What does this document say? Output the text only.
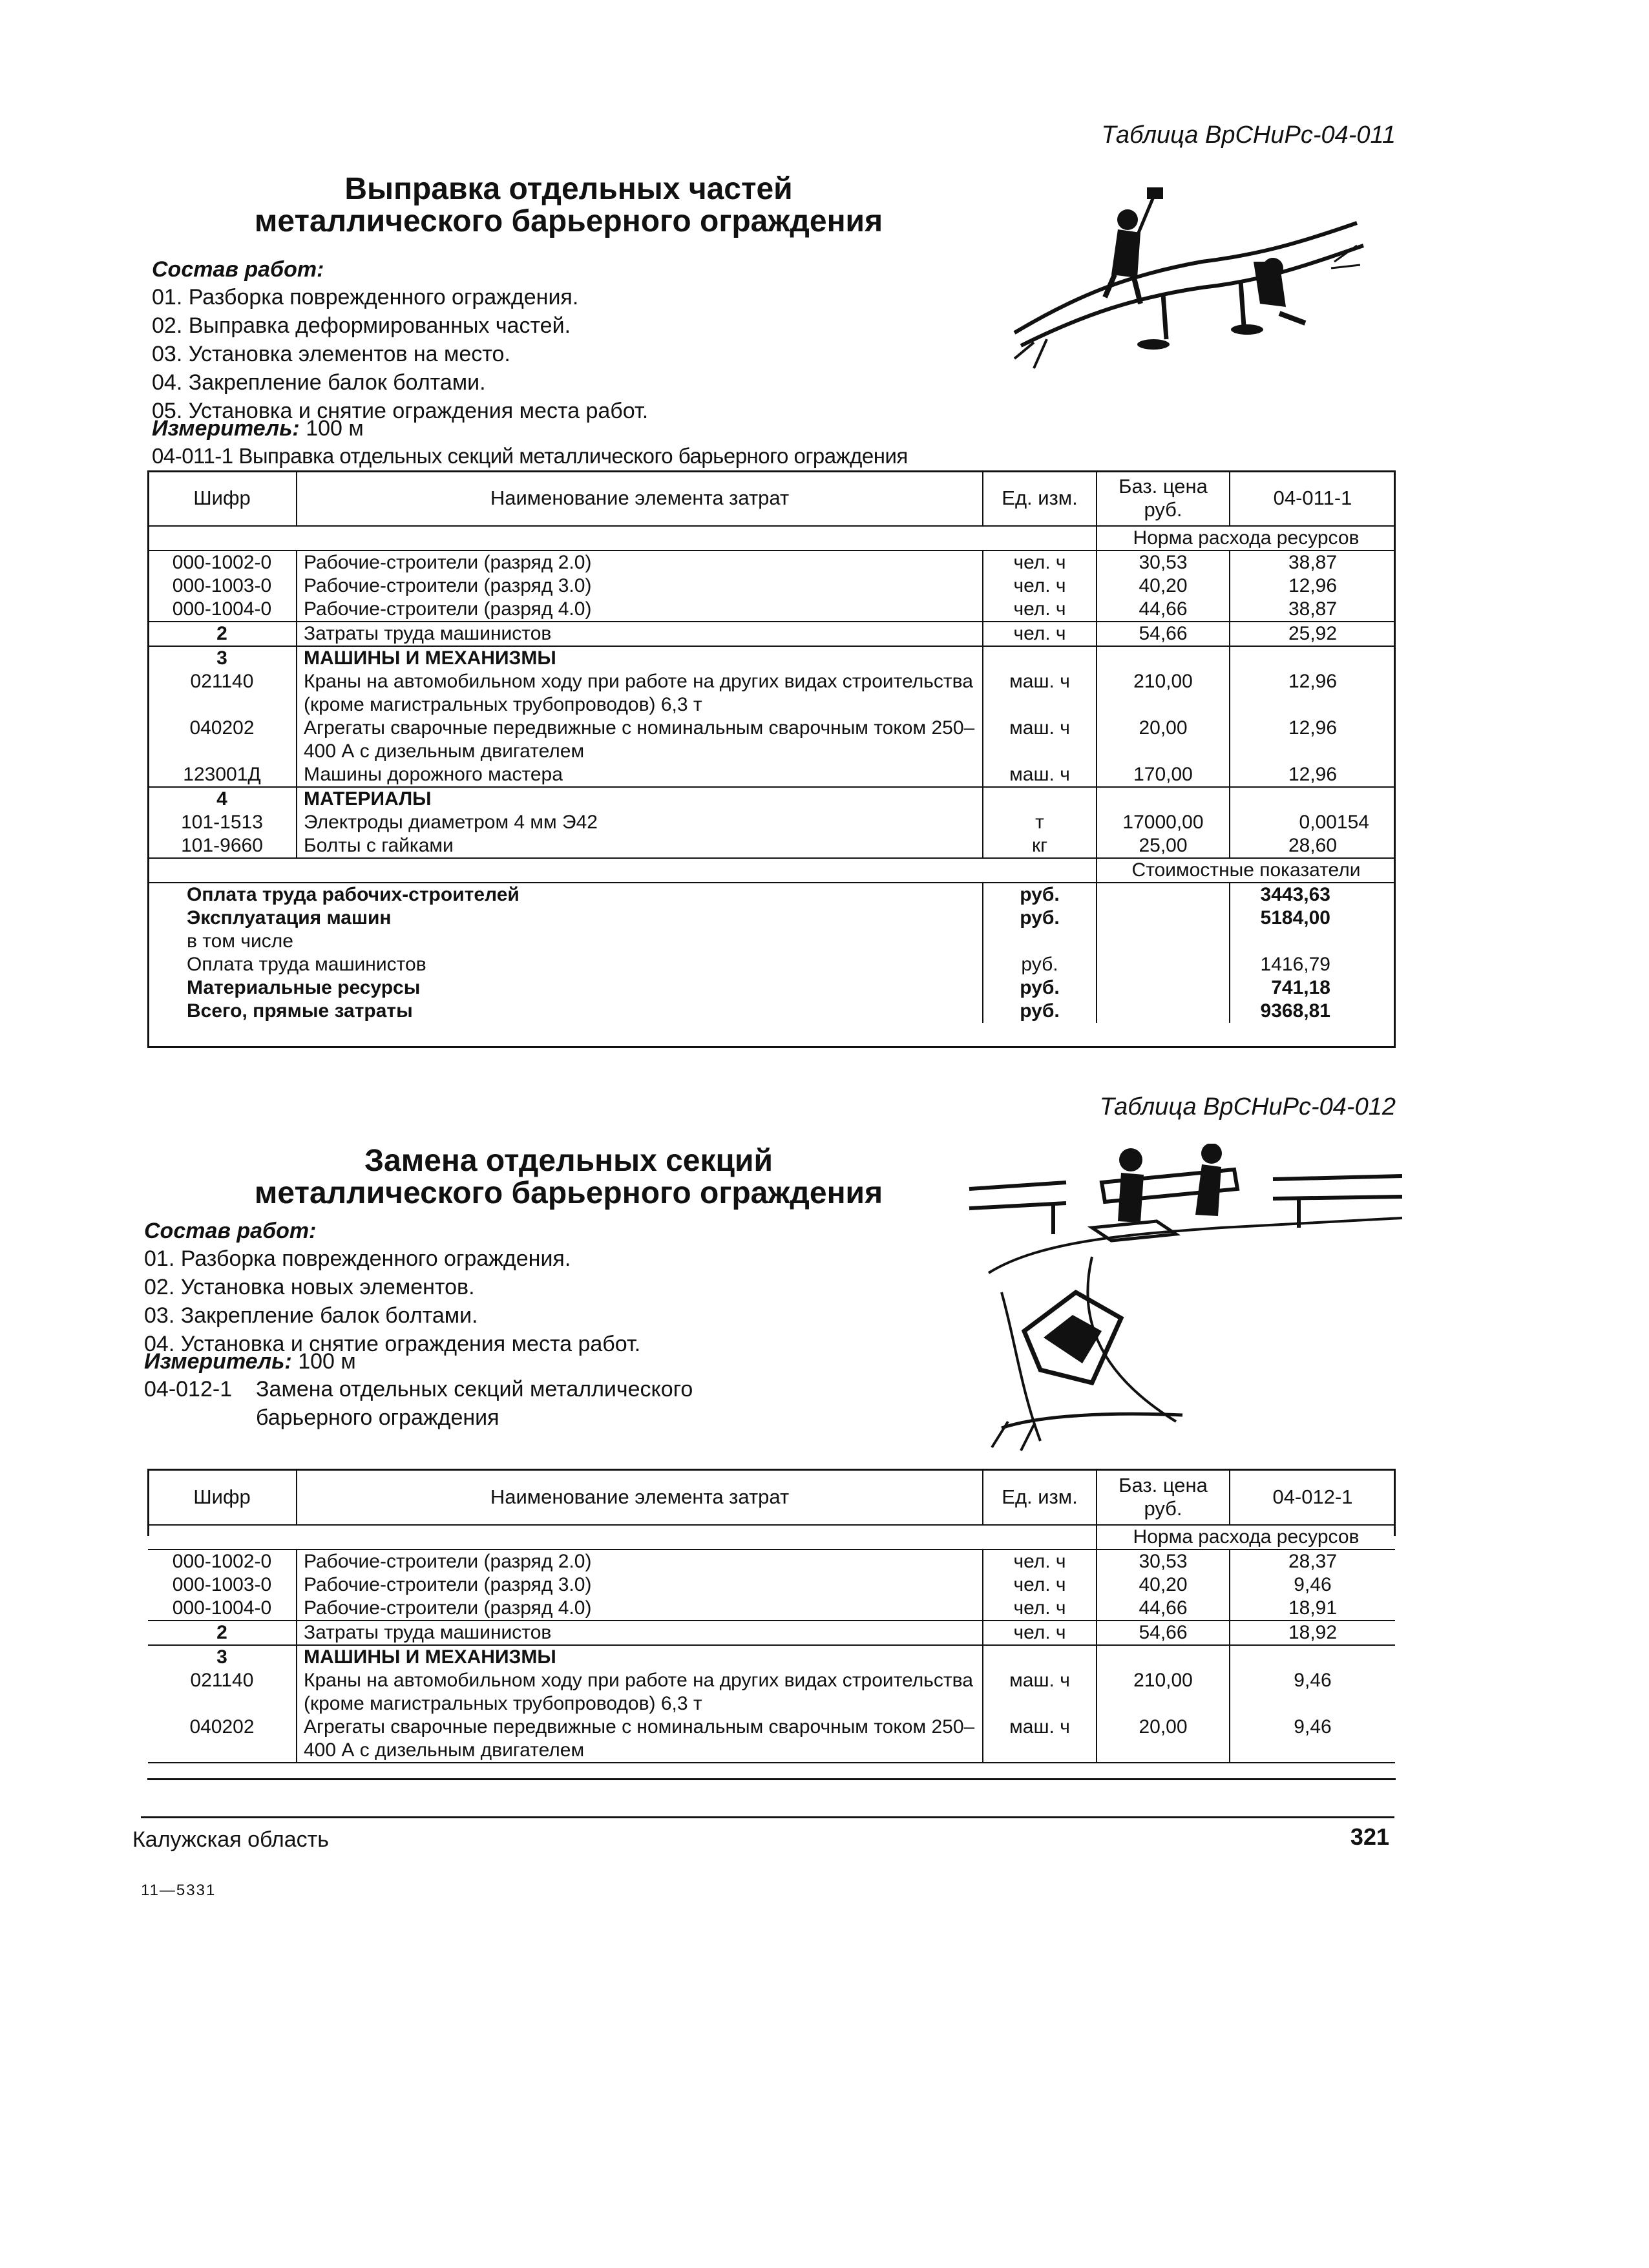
Таблица ВрСНиРс-04-011
Выправка отдельных частей
металлического барьерного ограждения
Состав работ:
01. Разборка поврежденного ограждения.
02. Выправка деформированных частей.
03. Установка элементов на место.
04. Закрепление балок болтами.
05. Установка и снятие ограждения места работ.
Измеритель: 100 м
04-011-1 Выправка отдельных секций металлического барьерного ограждения
Шифр	Наименование элемента затрат	Ед. изм.	Баз. цена руб.	04-011-1
			Норма расхода ресурсов	
000-1002-0	Рабочие-строители (разряд 2.0)	чел. ч	30,53	38,87
000-1003-0	Рабочие-строители (разряд 3.0)	чел. ч	40,20	12,96
000-1004-0	Рабочие-строители (разряд 4.0)	чел. ч	44,66	38,87
2	Затраты труда машинистов	чел. ч	54,66	25,92
3	МАШИНЫ И МЕХАНИЗМЫ			
021140	Краны на автомобильном ходу при работе на других видах строительства (кроме магистральных трубопроводов) 6,3 т	маш. ч	210,00	12,96
040202	Агрегаты сварочные передвижные с номинальным сварочным током 250–400 А с дизельным двигателем	маш. ч	20,00	12,96
123001Д	Машины дорожного мастера	маш. ч	170,00	12,96
4	МАТЕРИАЛЫ			
101-1513	Электроды диаметром 4 мм Э42	т	17000,00	0,00154
101-9660	Болты с гайками	кг	25,00	28,60
			Стоимостные показатели	
Оплата труда рабочих-строителей		руб.		3443,63
Эксплуатация машин		руб.		5184,00
в том числе				
Оплата труда машинистов		руб.		1416,79
Материальные ресурсы		руб.		741,18
Всего, прямые затраты		руб.		9368,81
Таблица ВрСНиРс-04-012
Замена отдельных секций
металлического барьерного ограждения
Состав работ:
01. Разборка поврежденного ограждения.
02. Установка новых элементов.
03. Закрепление балок болтами.
04. Установка и снятие ограждения места работ.
Измеритель: 100 м
04-012-1 Замена отдельных секций металлического
барьерного ограждения
Шифр	Наименование элемента затрат	Ед. изм.	Баз. цена руб.	04-012-1
			Норма расхода ресурсов	
000-1002-0	Рабочие-строители (разряд 2.0)	чел. ч	30,53	28,37
000-1003-0	Рабочие-строители (разряд 3.0)	чел. ч	40,20	9,46
000-1004-0	Рабочие-строители (разряд 4.0)	чел. ч	44,66	18,91
2	Затраты труда машинистов	чел. ч	54,66	18,92
3	МАШИНЫ И МЕХАНИЗМЫ			
021140	Краны на автомобильном ходу при работе на других видах строительства (кроме магистральных трубопроводов) 6,3 т	маш. ч	210,00	9,46
040202	Агрегаты сварочные передвижные с номинальным сварочным током 250–400 А с дизельным двигателем	маш. ч	20,00	9,46
Калужская область	321
11—5331
